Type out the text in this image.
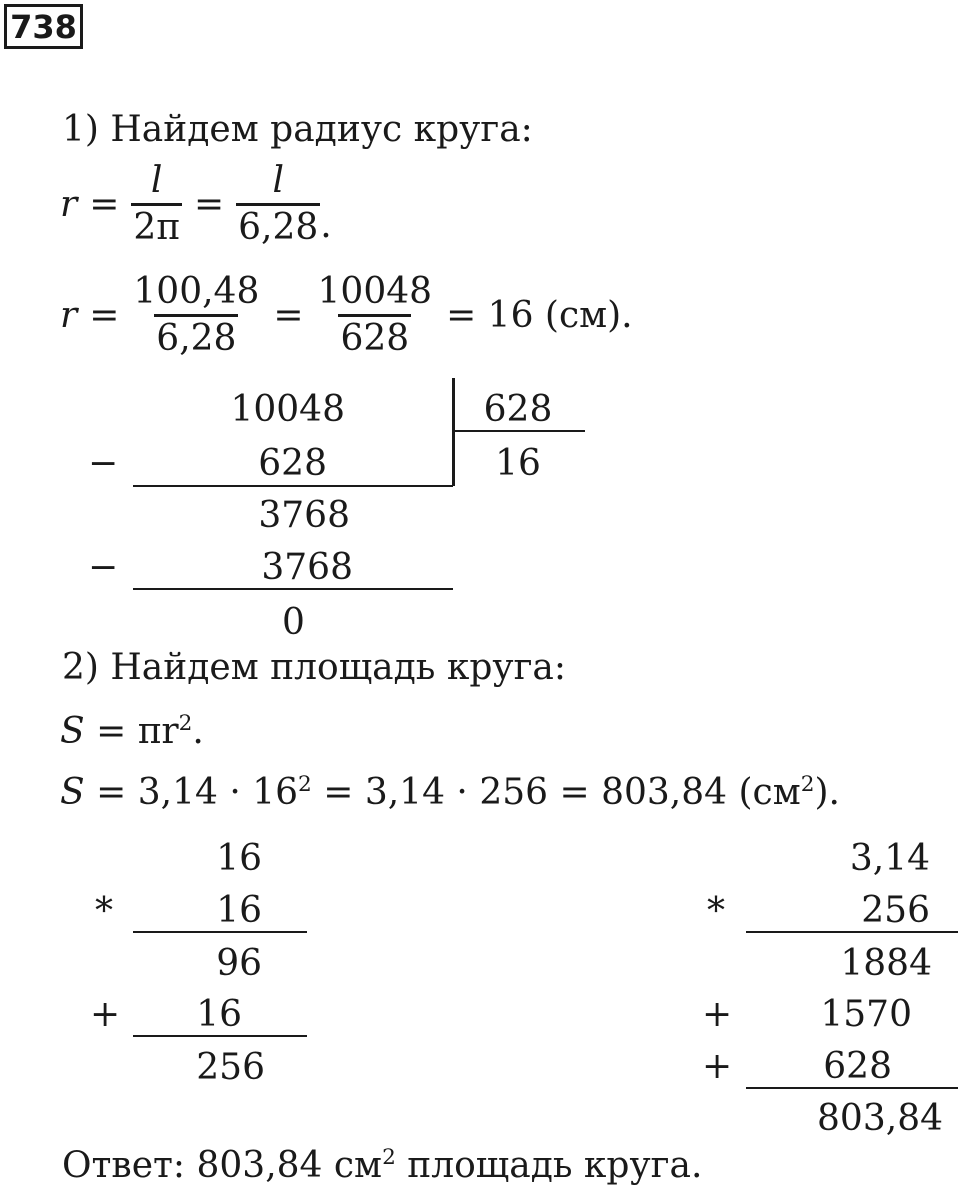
738
1) Найдем радиус круга:
$r = \frac{l}{2\pi} = \frac{l}{6,28}$ .
$r = \frac{100,48}{6,28} = \frac{10048}{628} = 16$ (см).
10048	628
16
−	628
3768
−	3768
0
2) Найдем площадь круга:
$S = \pi r^2$.
$S = 3,14 \cdot 16^2 = 3,14 \cdot 256 = 803,84$ $(см^2)$.
16
*	16
96
+	16
256
3,14
*	256
1884
+	1570
+	628
803,84
Ответ: 803,84 $см^2$ площадь круга.
